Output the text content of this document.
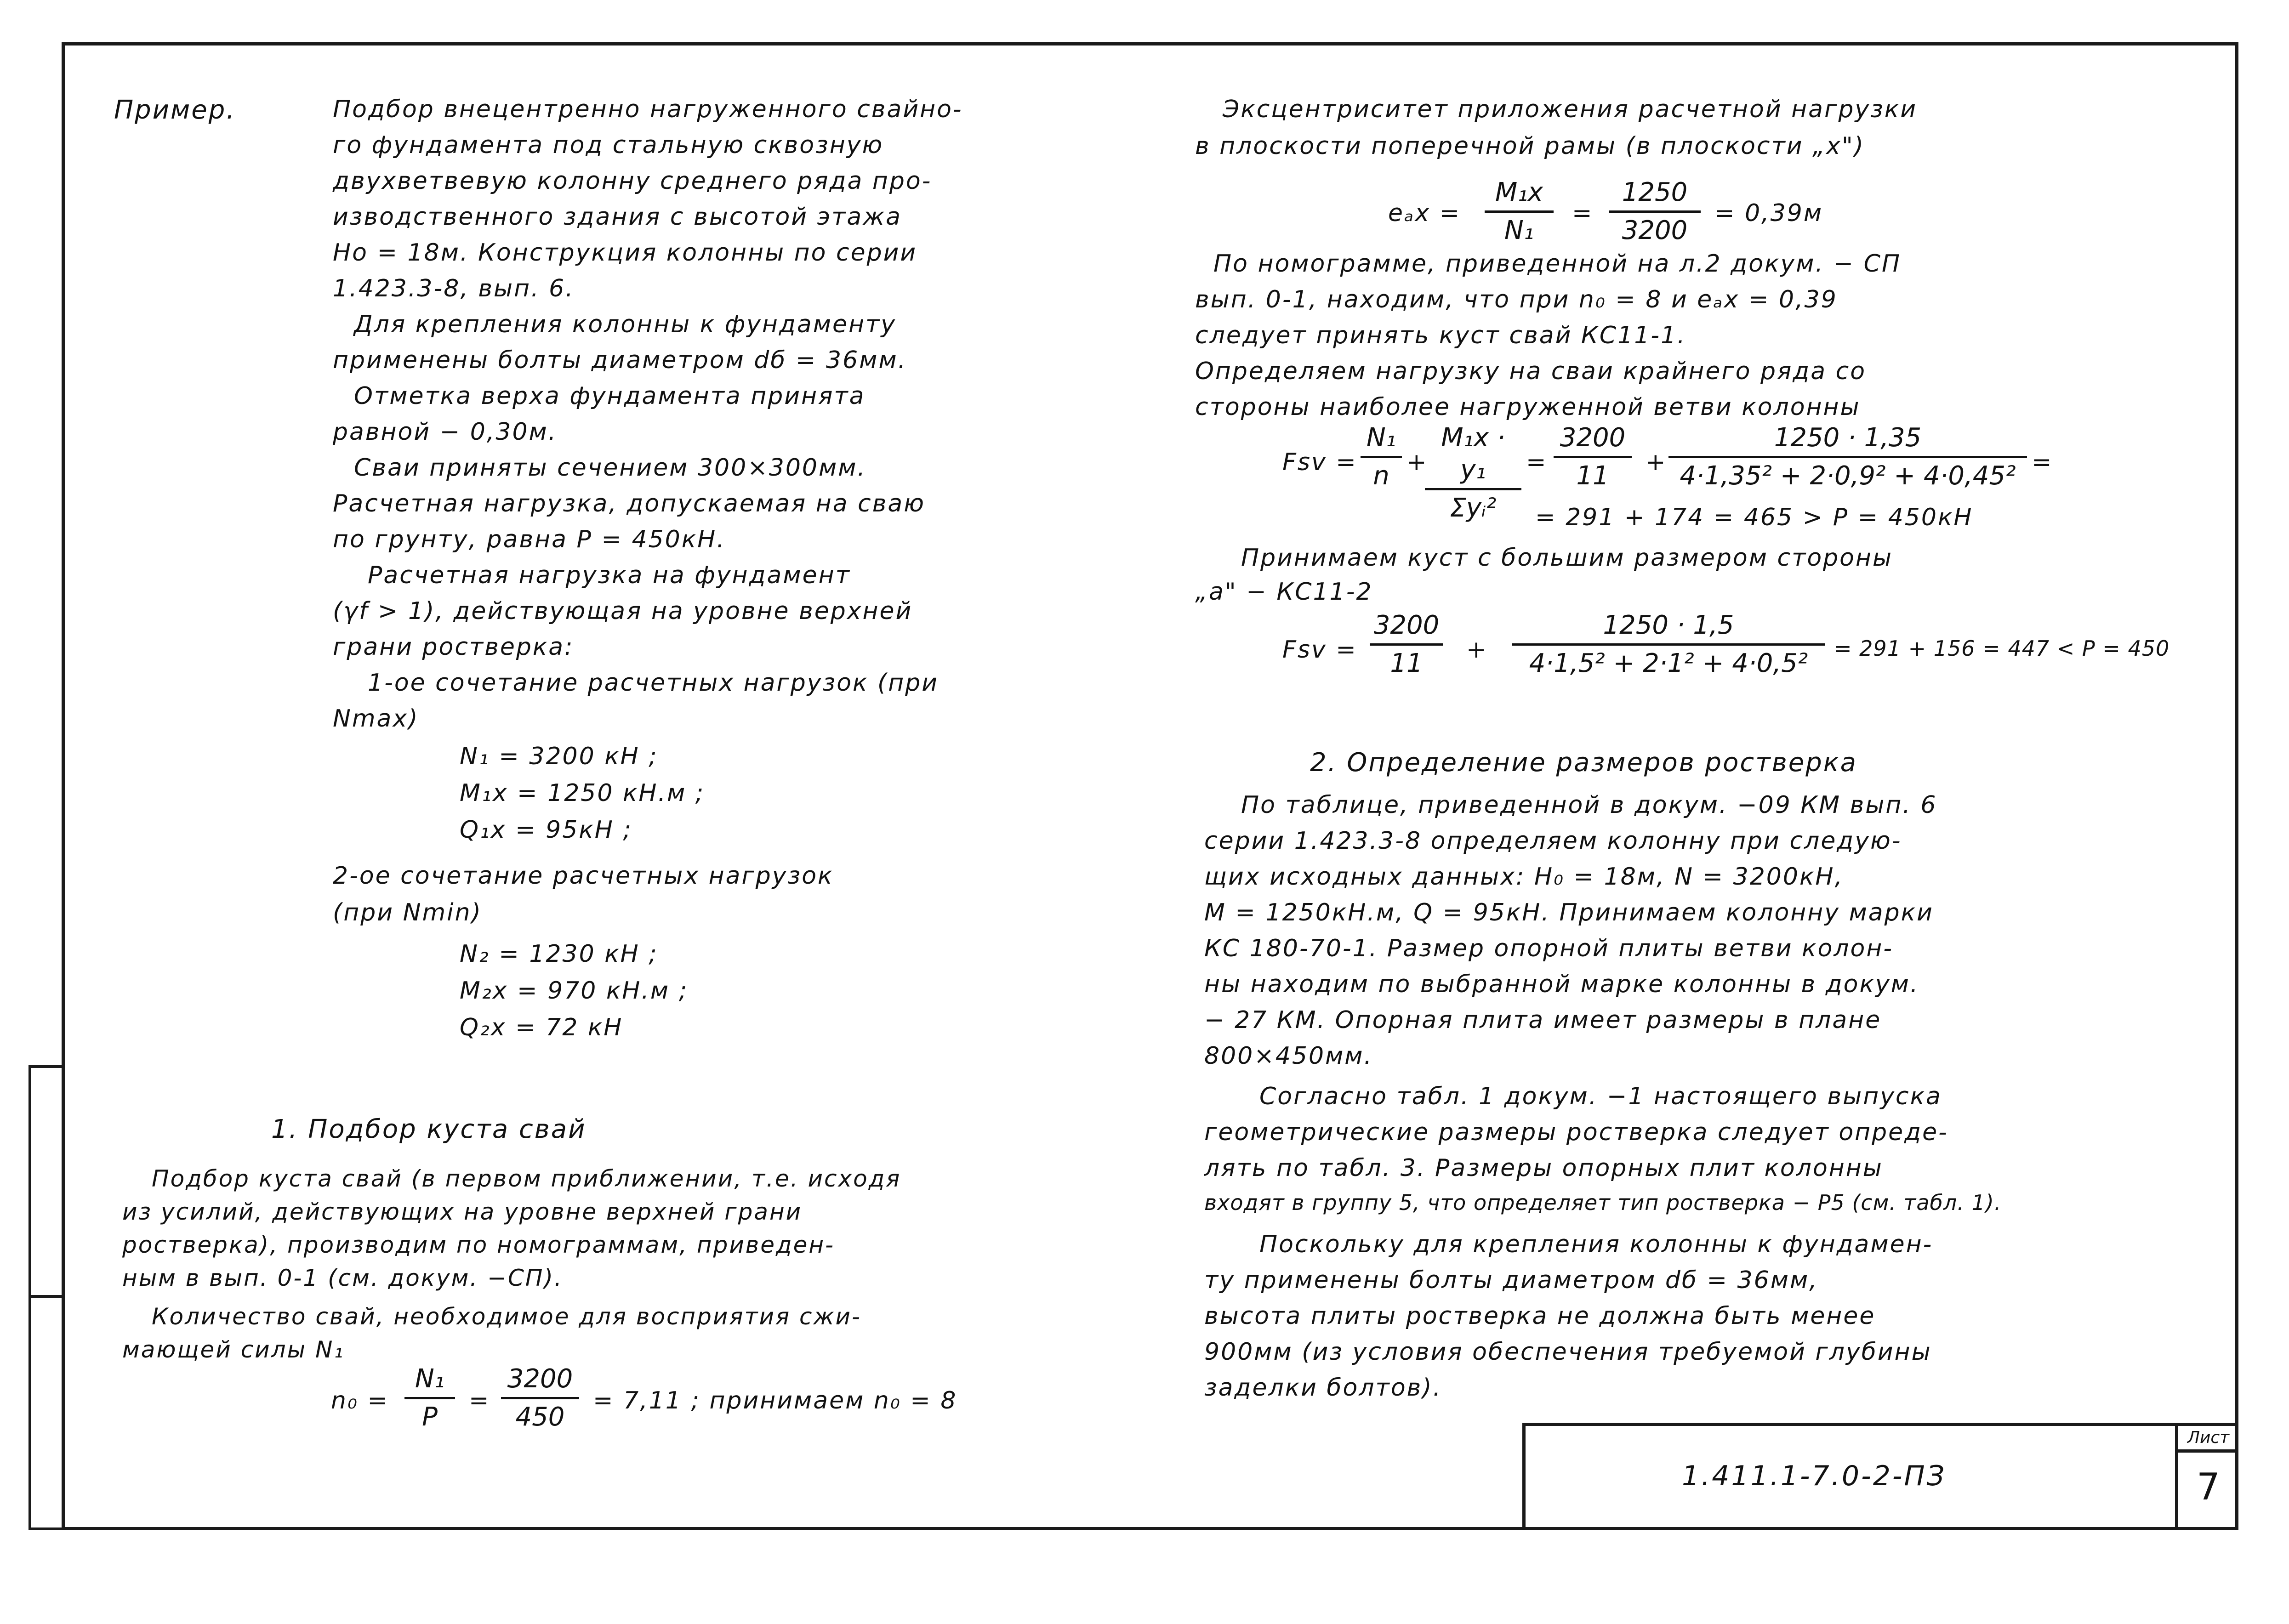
Пример.	Подбор внецентренно нагруженного свайно-
го фундамента под стальную сквозную
двухветвевую колонну среднего ряда про-
изводственного здания с высотой этажа
Hо = 18м. Конструкция колонны по серии
1.423.3-8, вып. 6.
Для крепления колонны к фундаменту
применены болты диаметром dб = 36мм.
Отметка верха фундамента принята
равной − 0,30м.
Сваи приняты сечением 300×300мм.
Расчетная нагрузка, допускаемая на сваю
по грунту, равна P = 450кН.
Расчетная нагрузка на фундамент
(γf > 1), действующая на уровне верхней
грани ростверка:
1-ое сочетание расчетных нагрузок (при
Nmax)
N₁ = 3200 кН ;
M₁x = 1250 кН.м ;
Q₁x = 95кН ;
2-ое сочетание расчетных нагрузок
(при Nmin)
N₂ = 1230 кН ;
M₂x = 970 кН.м ;
Q₂x = 72 кН
1. Подбор куста свай
Подбор куста свай (в первом приближении, т.е. исходя
из усилий, действующих на уровне верхней грани
ростверка), производим по номограммам, приведен-
ным в вып. 0-1 (см. докум. −СП).
Количество свай, необходимое для восприятия сжи-
мающей силы N₁
n₀ =
N₁
P
=
3200
450
= 7,11 ; принимаем n₀ = 8
Эксцентриситет приложения расчетной нагрузки
в плоскости поперечной рамы (в плоскости „x")
eₐx =
M₁x
N₁
=
1250
3200
= 0,39м
По номограмме, приведенной на л.2 докум. − СП
вып. 0-1, находим, что при n₀ = 8 и eₐx = 0,39
следует принять куст свай КС11-1.
Определяем нагрузку на сваи крайнего ряда со
стороны наиболее нагруженной ветви колонны
Fsv =
N₁
n +
M₁x · y₁
Σyᵢ²
=
3200
11	+
1250 · 1,35
4·1,35² + 2·0,9² + 4·0,45² =
= 291 + 174 = 465 > P = 450кН
Принимаем куст с большим размером стороны
„a" − КС11-2
Fsv =
3200
11	+
1250 · 1,5
4·1,5² + 2·1² + 4·0,5²	= 291 + 156 = 447 < P = 450
2. Определение размеров ростверка
По таблице, приведенной в докум. −09 КМ вып. 6
серии 1.423.3-8 определяем колонну при следую-
щих исходных данных: H₀ = 18м, N = 3200кН,
M = 1250кН.м, Q = 95кН. Принимаем колонну марки
КС 180-70-1. Размер опорной плиты ветви колон-
ны находим по выбранной марке колонны в докум.
− 27 КМ. Опорная плита имеет размеры в плане
800×450мм.
Согласно табл. 1 докум. −1 настоящего выпуска
геометрические размеры ростверка следует опреде-
лять по табл. 3. Размеры опорных плит колонны
входят в группу 5, что определяет тип ростверка − Р5 (см. табл. 1).
Поскольку для крепления колонны к фундамен-
ту применены болты диаметром dб = 36мм,
высота плиты ростверка не должна быть менее
900мм (из условия обеспечения требуемой глубины
заделки болтов).
1.411.1-7.0-2-ПЗ
Лист
7
